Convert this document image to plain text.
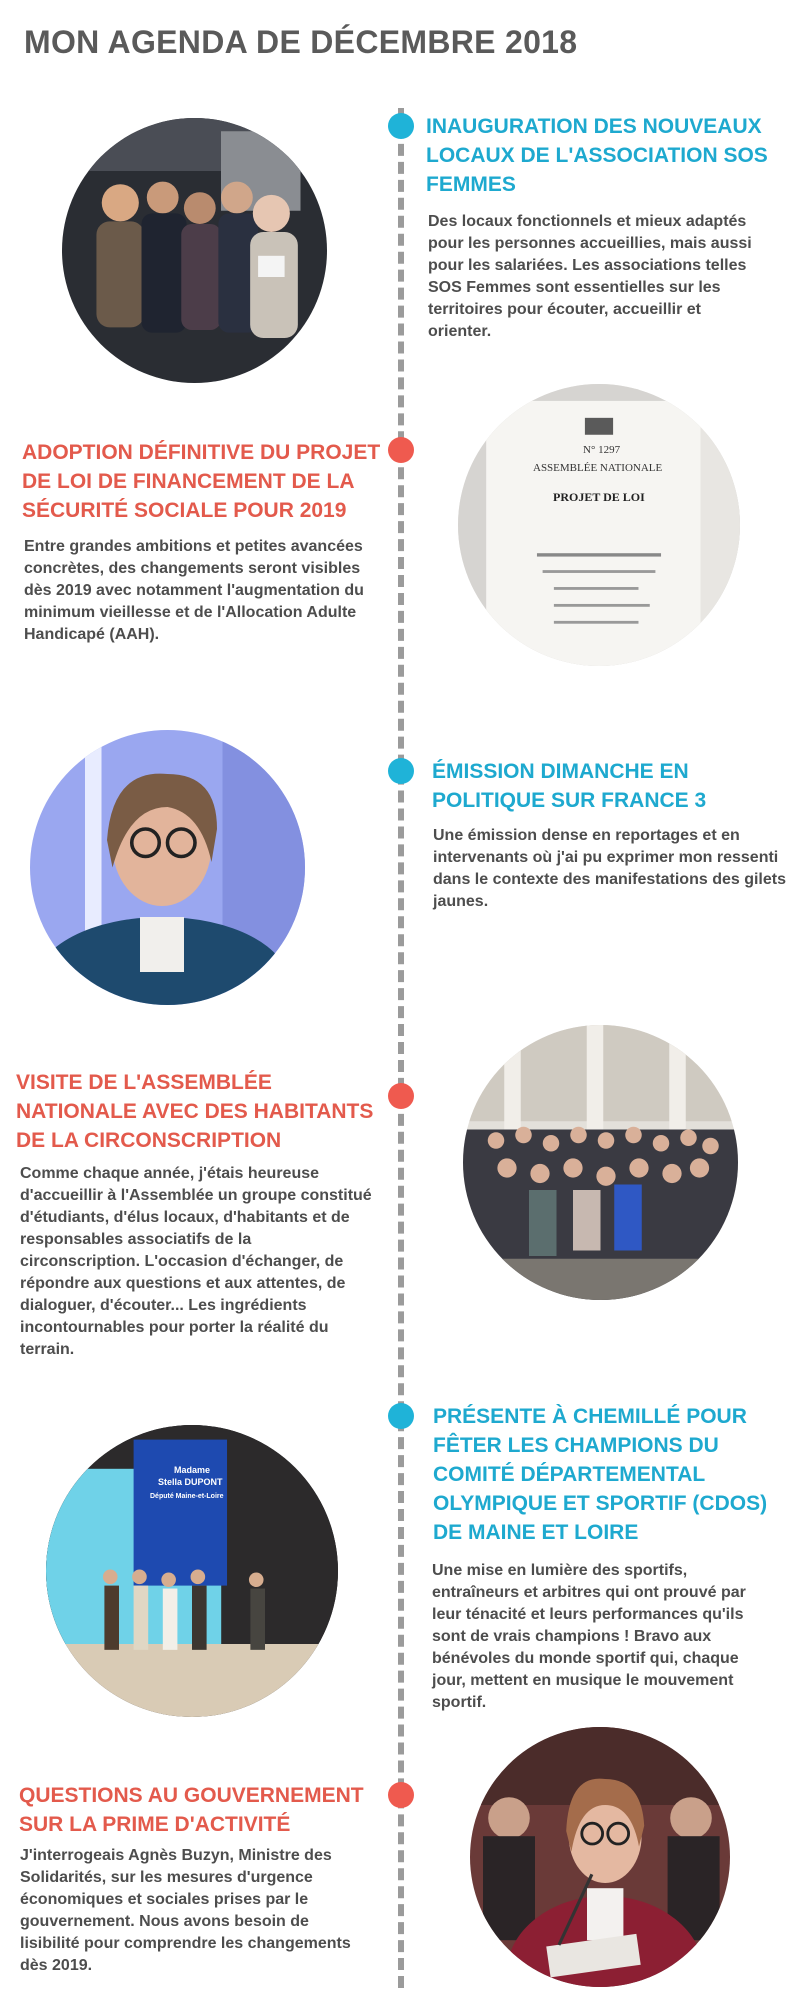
MON AGENDA DE DÉCEMBRE 2018
INAUGURATION DES NOUVEAUX LOCAUX DE L'ASSOCIATION SOS FEMMES

Des locaux fonctionnels et mieux adaptés pour les personnes accueillies, mais aussi pour les salariées. Les associations telles SOS Femmes sont essentielles sur les territoires pour écouter, accueillir et orienter.

ADOPTION DÉFINITIVE DU PROJET DE LOI DE FINANCEMENT DE LA SÉCURITÉ SOCIALE POUR 2019

Entre grandes ambitions et petites avancées concrètes, des changements seront visibles dès 2019 avec notamment l'augmentation du minimum vieillesse et de l'Allocation Adulte Handicapé (AAH).

N° 1297
ASSEMBLÉE NATIONALE
PROJET DE LOI
ÉMISSION DIMANCHE EN POLITIQUE SUR FRANCE 3

Une émission dense en reportages et en intervenants où j'ai pu exprimer mon ressenti dans le contexte des manifestations des gilets jaunes.

VISITE DE L'ASSEMBLÉE NATIONALE AVEC DES HABITANTS DE LA CIRCONSCRIPTION

Comme chaque année, j'étais heureuse d'accueillir à l'Assemblée un groupe constitué d'étudiants, d'élus locaux, d'habitants et de responsables associatifs de la circonscription. L'occasion d'échanger, de répondre aux questions et aux attentes, de dialoguer, d'écouter... Les ingrédients incontournables pour porter la réalité du terrain.

Madame
Stella DUPONT
Député Maine-et-Loire
PRÉSENTE À CHEMILLÉ POUR FÊTER LES CHAMPIONS DU COMITÉ DÉPARTEMENTAL OLYMPIQUE ET SPORTIF (CDOS) DE MAINE ET LOIRE

Une mise en lumière des sportifs, entraîneurs et arbitres qui ont prouvé par leur ténacité et leurs performances qu'ils sont de vrais champions ! Bravo aux bénévoles du monde sportif qui, chaque jour, mettent en musique le mouvement sportif.

QUESTIONS AU GOUVERNEMENT SUR LA PRIME D'ACTIVITÉ

J'interrogeais Agnès Buzyn, Ministre des Solidarités, sur les mesures d'urgence économiques et sociales prises par le gouvernement. Nous avons besoin de lisibilité pour comprendre les changements dès 2019.
